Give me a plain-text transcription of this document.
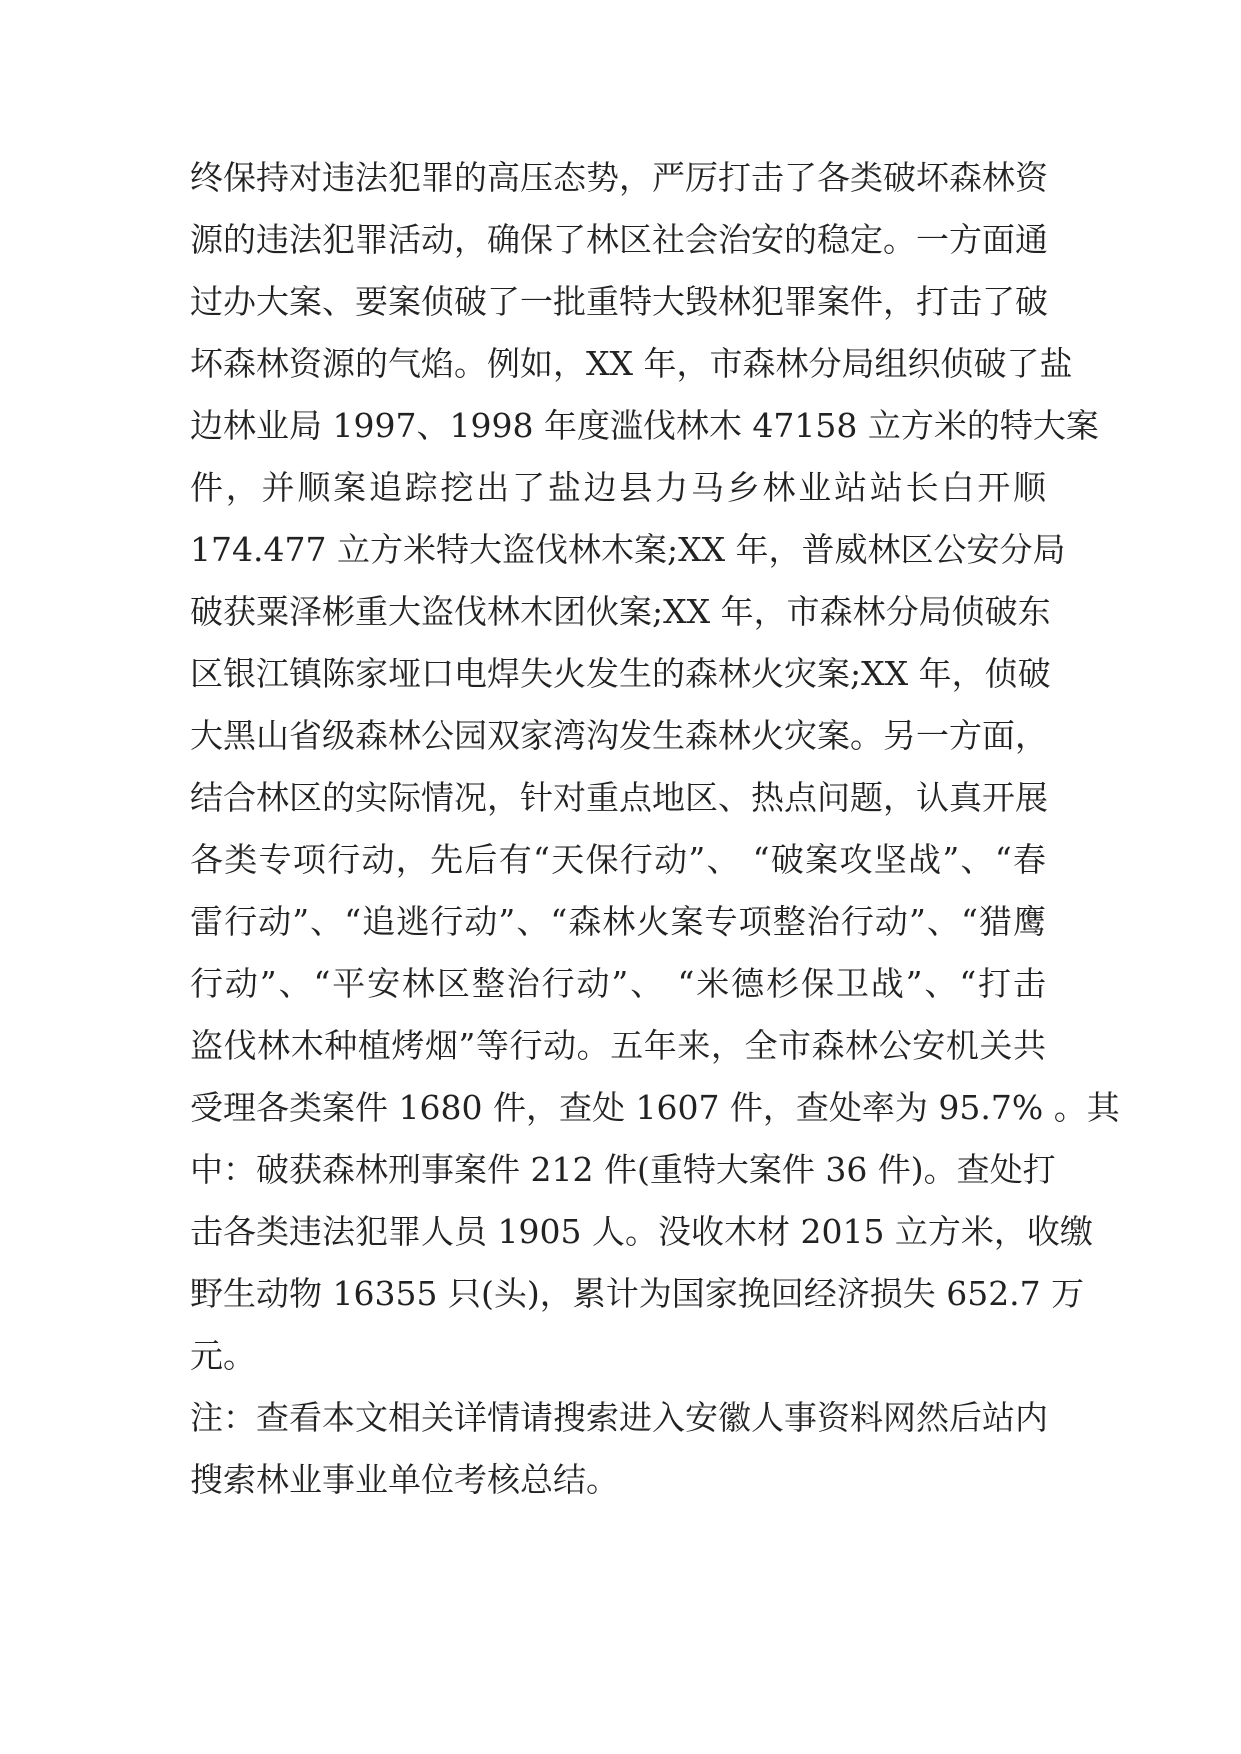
终保持对违法犯罪的高压态势，严厉打击了各类破坏森林资
源的违法犯罪活动，确保了林区社会治安的稳定。一方面通
过办大案、要案侦破了一批重特大毁林犯罪案件，打击了破
坏森林资源的气焰。例如，XX 年，市森林分局组织侦破了盐
边林业局 1997、1998 年度滥伐林木 47158 立方米的特大案
件，并顺案追踪挖出了盐边县力马乡林业站站长白开顺
174.477 立方米特大盗伐林木案;XX 年，普威林区公安分局
破获粟泽彬重大盗伐林木团伙案;XX 年，市森林分局侦破东
区银江镇陈家垭口电焊失火发生的森林火灾案;XX 年，侦破
大黑山省级森林公园双家湾沟发生森林火灾案。另一方面，
结合林区的实际情况，针对重点地区、热点问题，认真开展
各类专项行动，先后有“天保行动”、 “破案攻坚战”、“春
雷行动”、“追逃行动”、“森林火案专项整治行动”、“猎鹰
行动”、“平安林区整治行动”、 “米德杉保卫战”、“打击
盗伐林木种植烤烟”等行动。五年来，全市森林公安机关共
受理各类案件 1680 件，查处 1607 件，查处率为 95.7% 。其
中：破获森林刑事案件 212 件(重特大案件 36 件)。查处打
击各类违法犯罪人员 1905 人。没收木材 2015 立方米，收缴
野生动物 16355 只(头)，累计为国家挽回经济损失 652.7 万
元。
注：查看本文相关详情请搜索进入安徽人事资料网然后站内
搜索林业事业单位考核总结。
